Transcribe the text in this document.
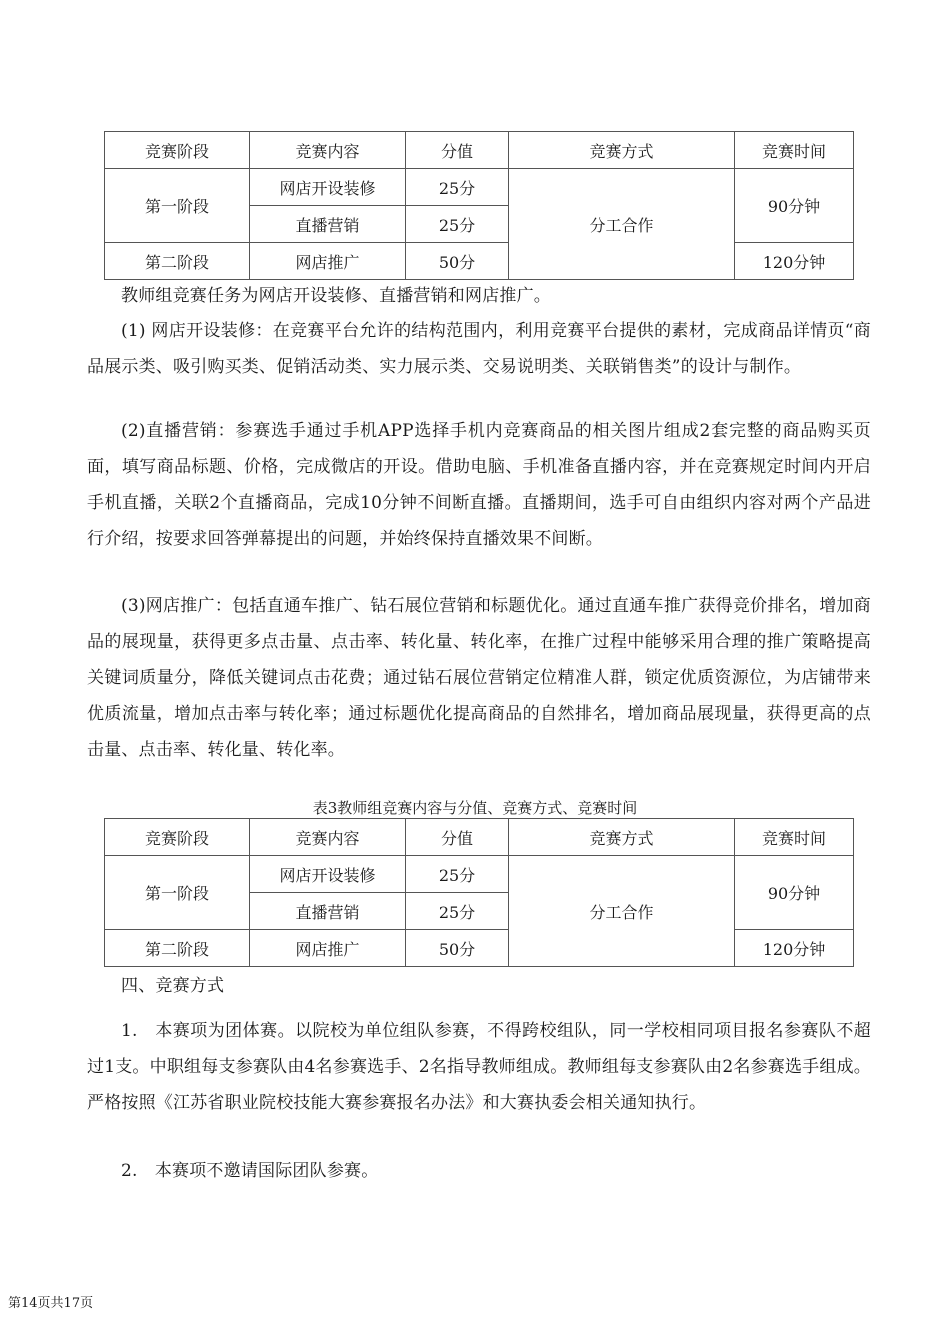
竞赛阶段	竞赛内容	分值	竞赛方式	竞赛时间
第一阶段	网店开设装修	25分	分工合作	90分钟
	直播营销	25分		
第二阶段	网店推广	50分		120分钟

教师组竞赛任务为网店开设装修、直播营销和网店推广。

(1) 网店开设装修：在竞赛平台允许的结构范围内，利用竞赛平台提供的素材，完成商品详情页“商品展示类、吸引购买类、促销活动类、实力展示类、交易说明类、关联销售类”的设计与制作。

(2)直播营销：参赛选手通过手机APP选择手机内竞赛商品的相关图片组成2套完整的商品购买页面，填写商品标题、价格，完成微店的开设。借助电脑、手机准备直播内容，并在竞赛规定时间内开启手机直播，关联2个直播商品，完成10分钟不间断直播。直播期间，选手可自由组织内容对两个产品进行介绍，按要求回答弹幕提出的问题，并始终保持直播效果不间断。

(3)网店推广：包括直通车推广、钻石展位营销和标题优化。通过直通车推广获得竞价排名，增加商品的展现量，获得更多点击量、点击率、转化量、转化率，在推广过程中能够采用合理的推广策略提高关键词质量分，降低关键词点击花费；通过钻石展位营销定位精准人群，锁定优质资源位，为店铺带来优质流量，增加点击率与转化率；通过标题优化提高商品的自然排名，增加商品展现量，获得更高的点击量、点击率、转化量、转化率。

表3教师组竞赛内容与分值、竞赛方式、竞赛时间
竞赛阶段	竞赛内容	分值	竞赛方式	竞赛时间
第一阶段	网店开设装修	25分	分工合作	90分钟
	直播营销	25分		
第二阶段	网店推广	50分		120分钟

四、竞赛方式

1.　本赛项为团体赛。以院校为单位组队参赛，不得跨校组队，同一学校相同项目报名参赛队不超过1支。中职组每支参赛队由4名参赛选手、2名指导教师组成。教师组每支参赛队由2名参赛选手组成。严格按照《江苏省职业院校技能大赛参赛报名办法》和大赛执委会相关通知执行。

2.　本赛项不邀请国际团队参赛。

第14页共17页
